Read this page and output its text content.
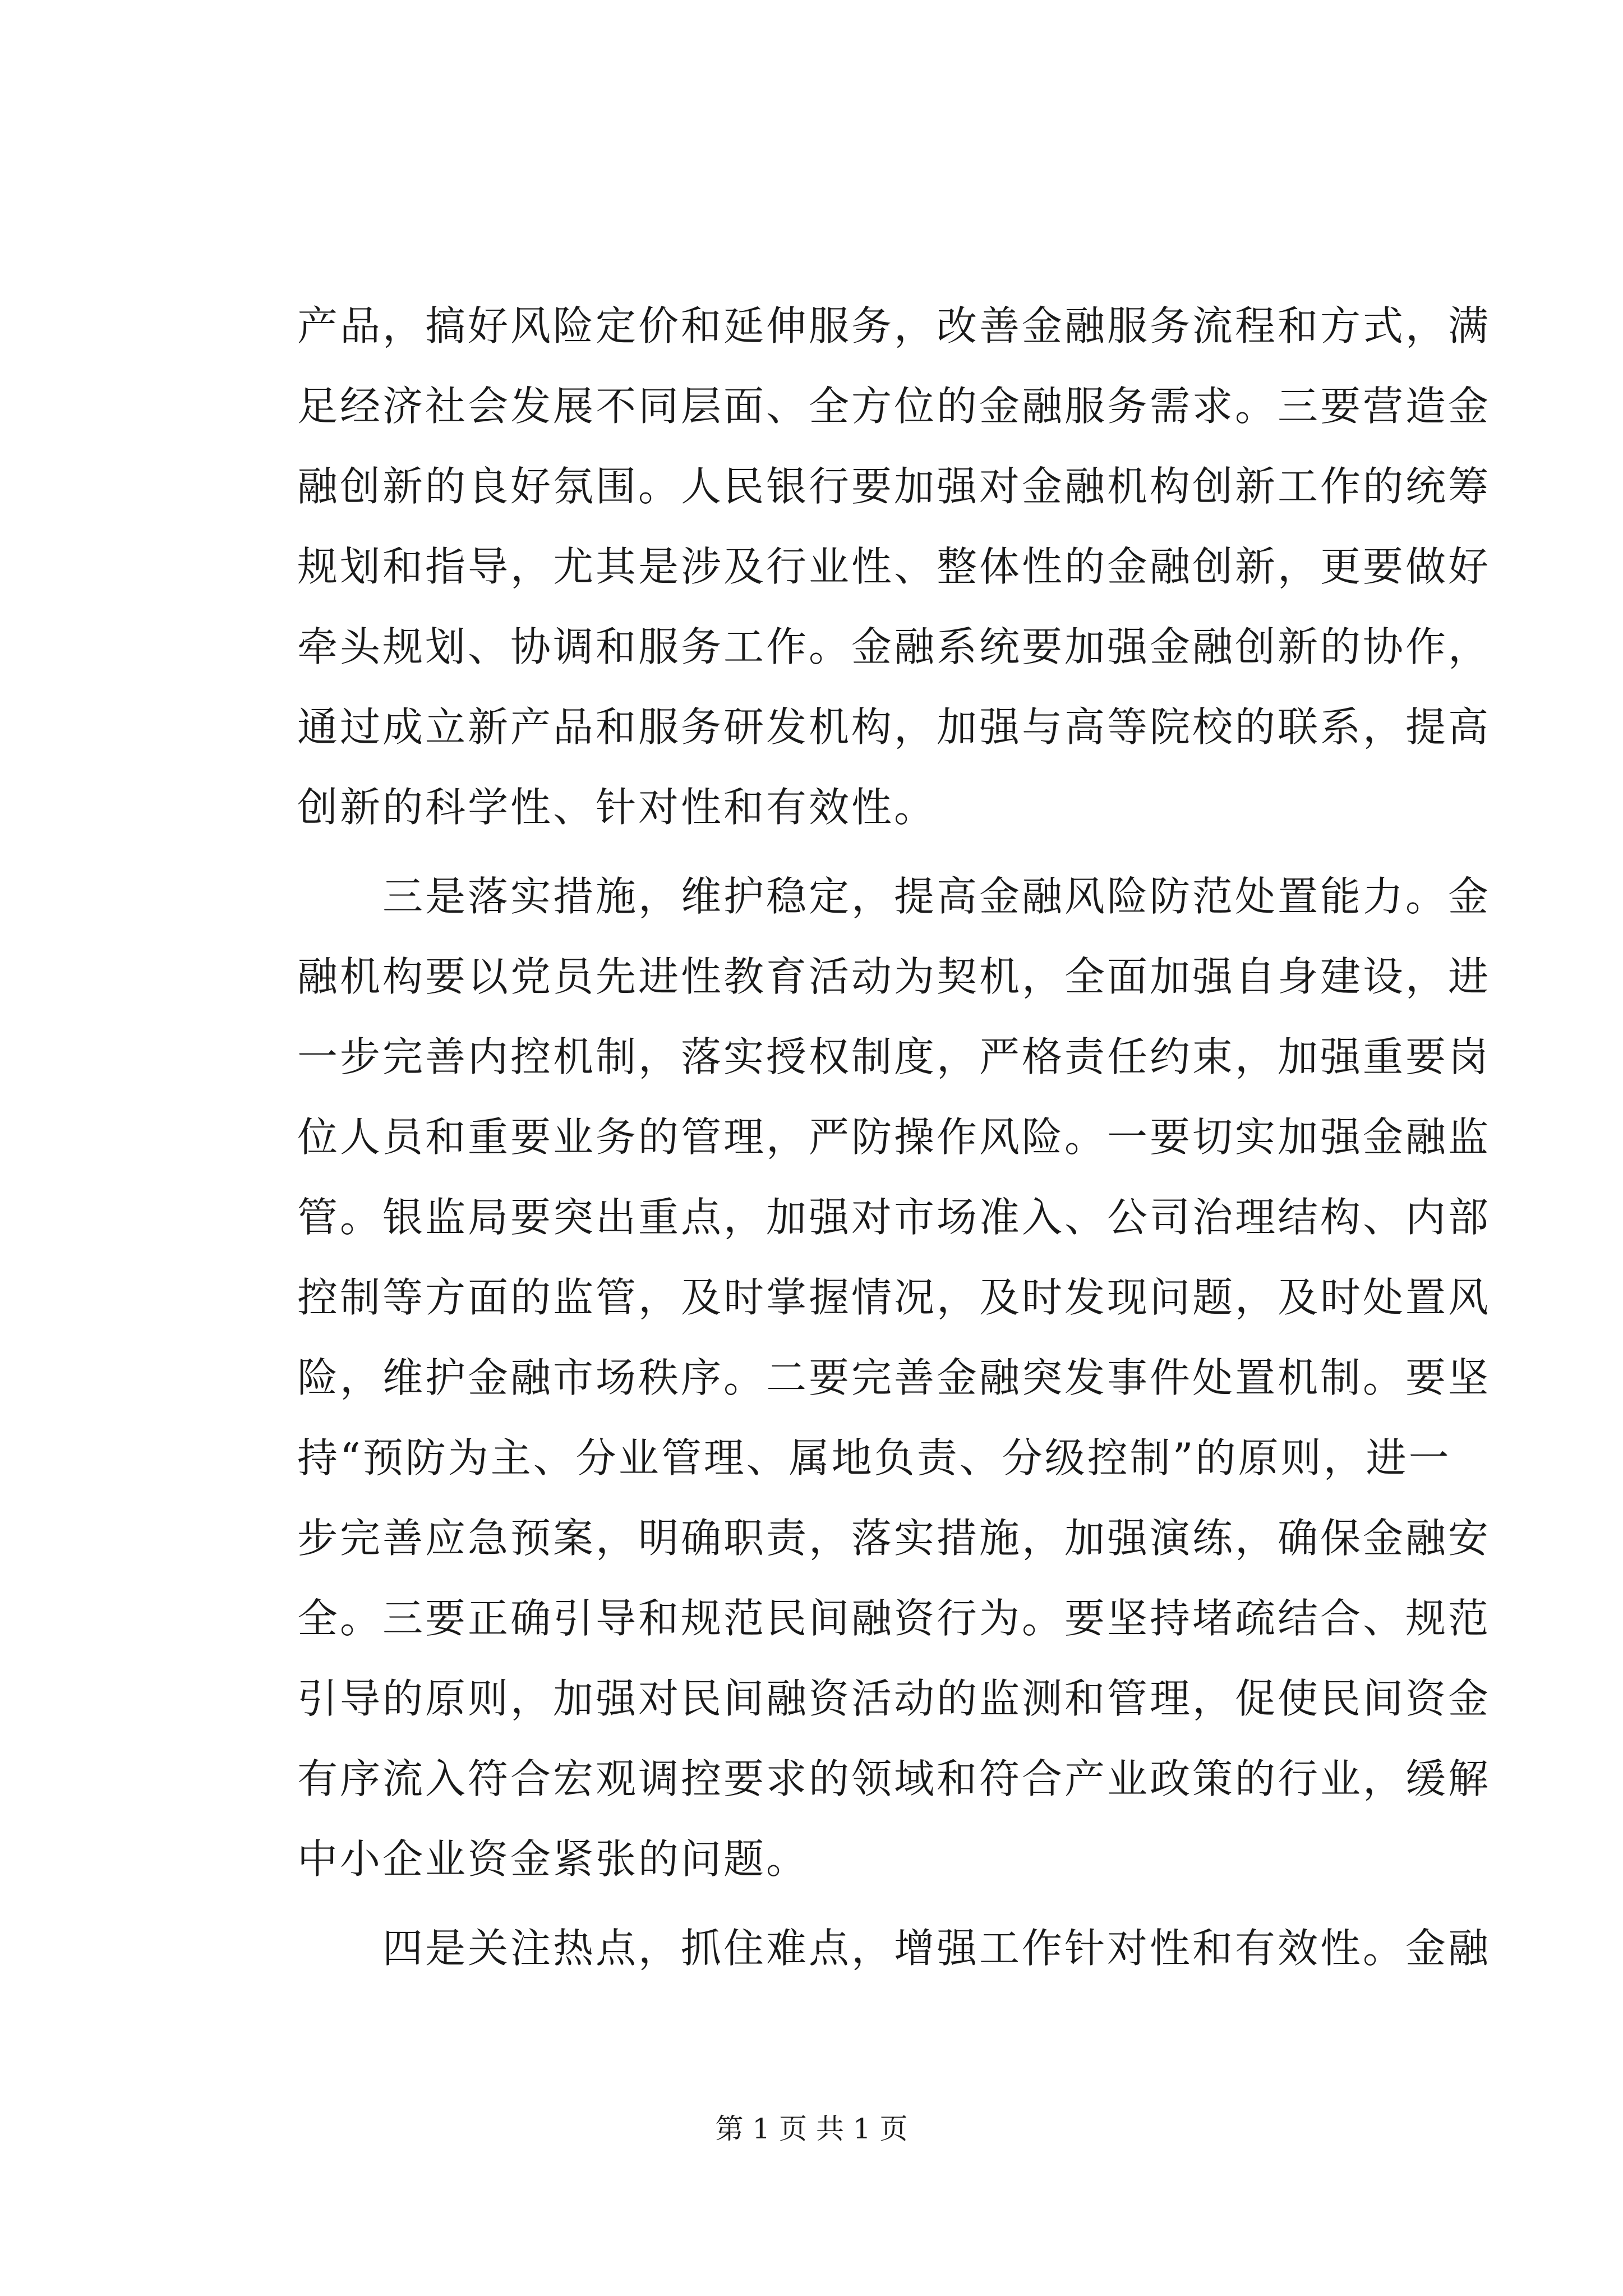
产品，搞好风险定价和延伸服务，改善金融服务流程和方式，满
足经济社会发展不同层面、全方位的金融服务需求。三要营造金
融创新的良好氛围。人民银行要加强对金融机构创新工作的统筹
规划和指导，尤其是涉及行业性、整体性的金融创新，更要做好
牵头规划、协调和服务工作。金融系统要加强金融创新的协作，
通过成立新产品和服务研发机构，加强与高等院校的联系，提高
创新的科学性、针对性和有效性。
三是落实措施，维护稳定，提高金融风险防范处置能力。金
融机构要以党员先进性教育活动为契机，全面加强自身建设，进
一步完善内控机制，落实授权制度，严格责任约束，加强重要岗
位人员和重要业务的管理，严防操作风险。一要切实加强金融监
管。银监局要突出重点，加强对市场准入、公司治理结构、内部
控制等方面的监管，及时掌握情况，及时发现问题，及时处置风
险，维护金融市场秩序。二要完善金融突发事件处置机制。要坚
持“预防为主、分业管理、属地负责、分级控制”的原则，进一
步完善应急预案，明确职责，落实措施，加强演练，确保金融安
全。三要正确引导和规范民间融资行为。要坚持堵疏结合、规范
引导的原则，加强对民间融资活动的监测和管理，促使民间资金
有序流入符合宏观调控要求的领域和符合产业政策的行业，缓解
中小企业资金紧张的问题。
四是关注热点，抓住难点，增强工作针对性和有效性。金融
第 1 页 共 1 页
